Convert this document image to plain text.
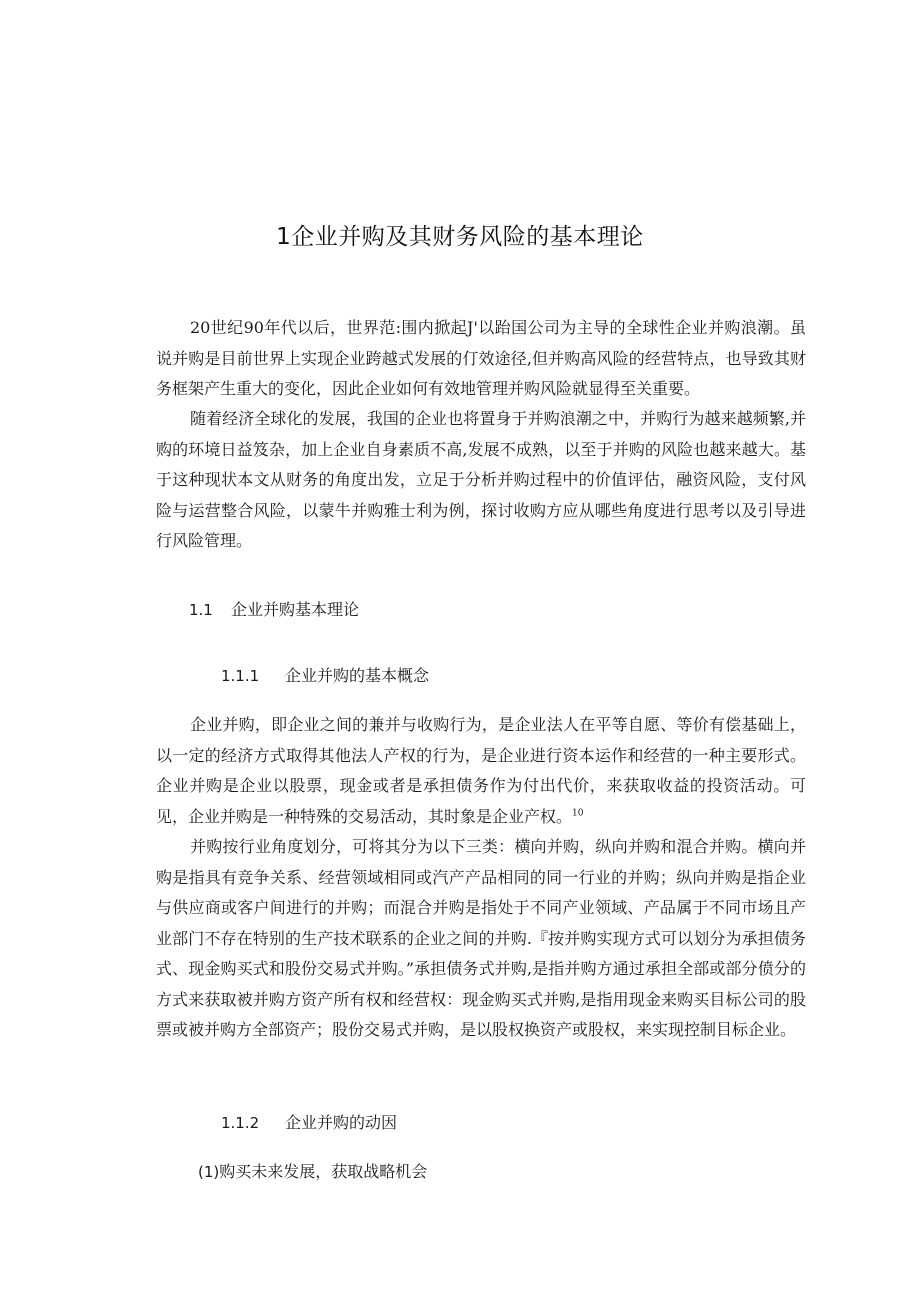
1企业并购及其财务风险的基本理论

20世纪90年代以后，世界范:围内掀起J'以跆国公司为主导的全球性企业并购浪潮。虽说并购是目前世界上实现企业跨越式发展的仃效途径,但并购高风险的经营特点，也导致其财务框架产生重大的变化，因此企业如何有效地管理并购风险就显得至关重要。

随着经济全球化的发展，我国的企业也将置身于并购浪潮之中，并购行为越来越频繁,并购的环境日益笈杂，加上企业自身素质不高,发展不成熟，以至于并购的风险也越来越大。基于这种现状本文从财务的角度出发，立足于分析并购过程中的价值评估，融资风险，支付风险与运营整合风险，以蒙牛并购雅士利为例，探讨收购方应从哪些角度进行思考以及引导进行风险管理。

1.1 企业并购基本理论
1.1.1 企业并购的基本概念

企业并购，即企业之间的兼并与收购行为，是企业法人在平等自愿、等价有偿基础上，以一定的经济方式取得其他法人产权的行为，是企业进行资本运作和经营的一种主要形式。企业并购是企业以股票，现金或者是承担债务作为付出代价，来获取收益的投资活动。可见，企业并购是一种特殊的交易活动，其时象是企业产权。$^{10}$

并购按行业角度划分，可将其分为以下三类：横向并购，纵向并购和混合并购。横向并购是指具有竞争关系、经营领域相同或汽产产品相同的同一行业的并购；纵向并购是指企业与供应商或客户间进行的并购；而混合并购是指处于不同产业领域、产品属于不同市场且产业部门不存在特别的生产技术联系的企业之间的并购.『按并购实现方式可以划分为承担债务式、现金购买式和股份交易式并购。”承担债务式并购,是指并购方通过承担全部或部分偾分的方式来获取被并购方资产所有权和经营权：现金购买式并购,是指用现金来购买目标公司的股票或被并购方全部资产；股份交易式并购，是以股权换资产或股权，来实现控制目标企业。

1.1.2 企业并购的动因
(1)购买未来发展，获取战略机会
